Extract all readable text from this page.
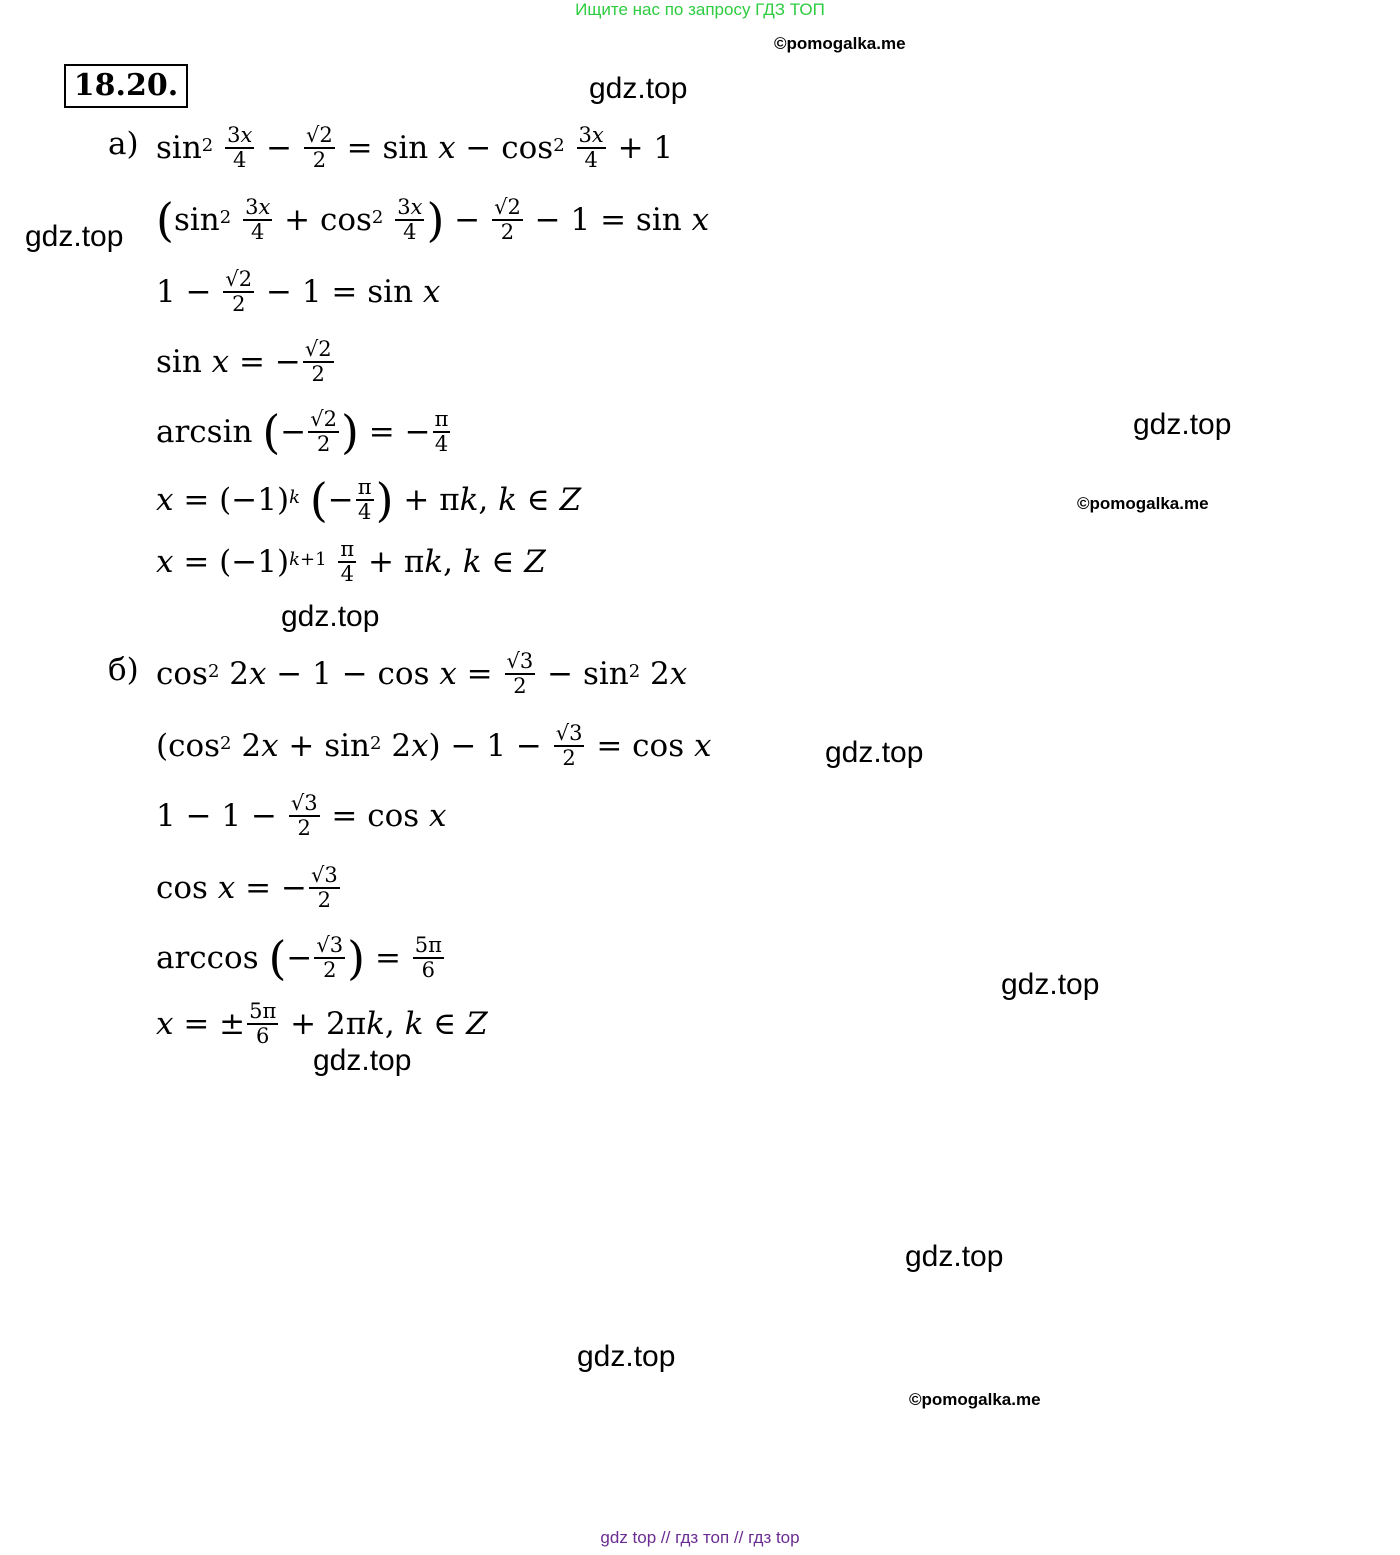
Ищите нас по запросу ГДЗ ТОП
©pomogalka.me
©pomogalka.me
©pomogalka.me
gdz.top
gdz.top
gdz.top
gdz.top
gdz.top
gdz.top
gdz.top
gdz.top
gdz.top
18.20.
а)
б)
$\sin^2$
$\frac{3x}{4} - \frac{√2}{2} = \sin x - \cos^2$
$\frac{3x}{4} + 1$
( $\sin^2$
$\frac{3x}{4} + \cos^2$
$\frac{3x}{4}$ ) − $\frac{√2}{2} - 1 = \sin x$
$1 - \frac{√2}{2} - 1 = \sin x$
sin x = − $\frac{√2}{2}$
arcsin ( − $\frac{√2}{2}$ ) = − $\frac{\pi}{4}$
$x = (-1)^k$
( − $\frac{\pi}{4}$ ) + π k , k ∈ Z
x = (−1) $^{k+1}$
$\frac{\pi}{4} + \pi$ k , k ∈ Z
$\cos^2 2$ $x - 1 - \cos x = \frac{√3}{2} - \sin^2 2$ x
($\cos^2$ 2 $x + \sin^2 2$ x ) − $1 - \frac{√3}{2} = \cos x$
$1 - 1 - \frac{√3}{2} = \cos x$
cos x = − $\frac{√3}{2}$
arccos ( − $\frac{√3}{2}$ ) = $\frac{5\pi}{6}$
x = ± $\frac{5\pi}{6} + 2\pi$ k , k ∈ Z
gdz top // гдз топ // гдз top
